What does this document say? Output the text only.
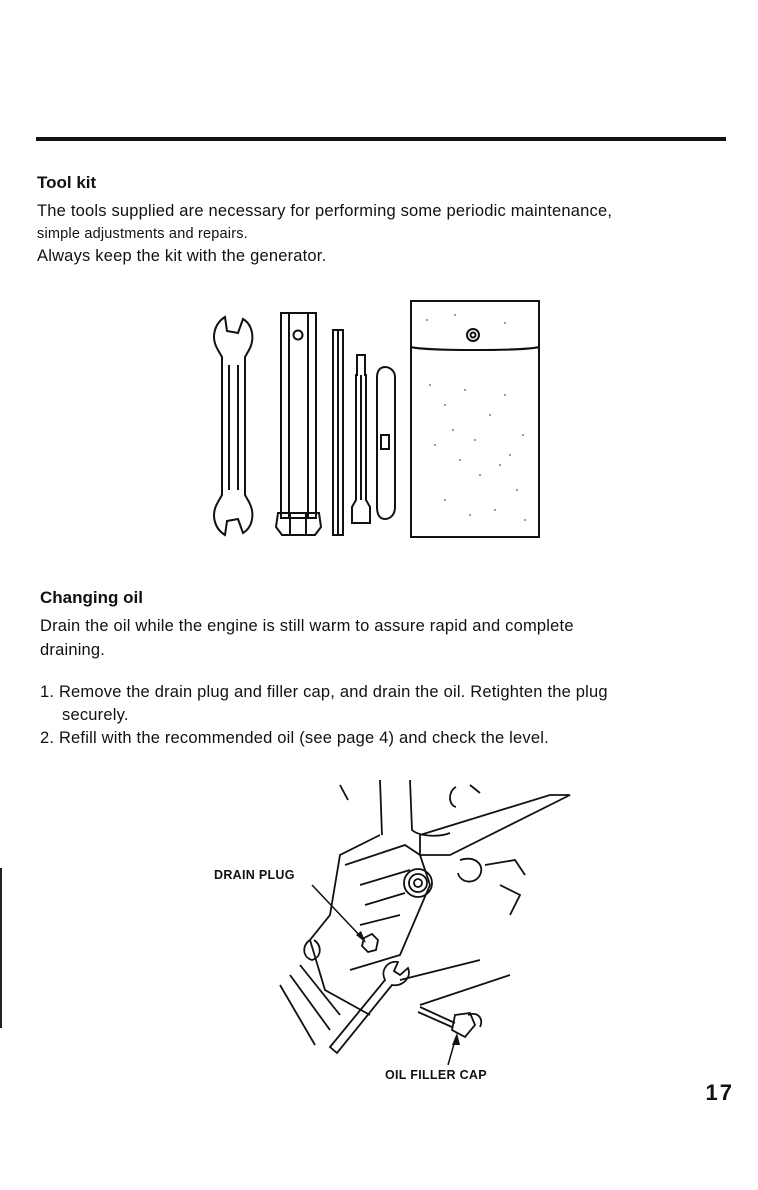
Tool kit
The tools supplied are necessary for performing some periodic maintenance,
simple adjustments and repairs.
Always keep the kit with the generator.
Changing oil
Drain the oil while the engine is still warm to assure rapid and complete
draining.
1. Remove the drain plug and filler cap, and drain the oil. Retighten the plug
securely.
2. Refill with the recommended oil (see page 4) and check the level.
DRAIN PLUG
OIL FILLER CAP
17
